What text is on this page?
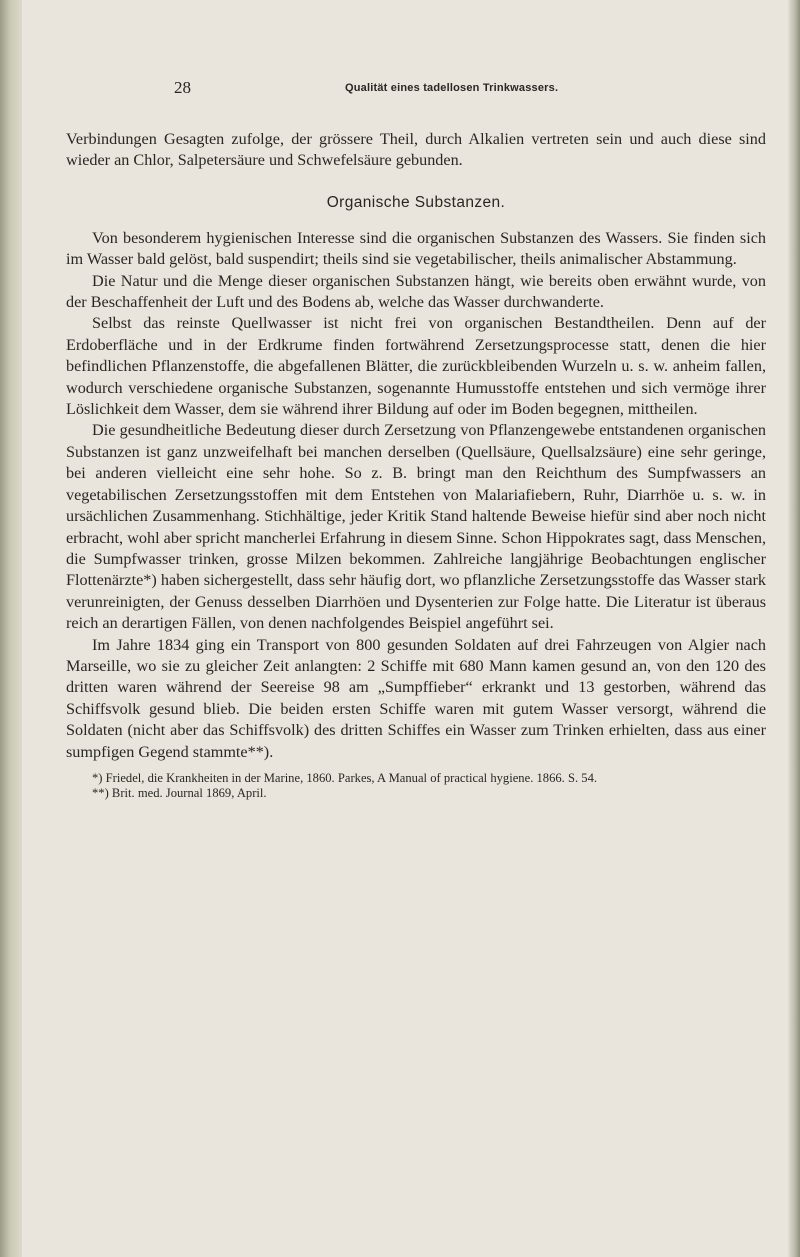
28	Qualität eines tadellosen Trinkwassers.

Verbindungen Gesagten zufolge, der grössere Theil, durch Alkalien vertreten sein und auch diese sind wieder an Chlor, Salpetersäure und Schwefelsäure gebunden.

Organische Substanzen.

Von besonderem hygienischen Interesse sind die organischen Substanzen des Wassers. Sie finden sich im Wasser bald gelöst, bald suspendirt; theils sind sie vegetabilischer, theils animalischer Abstammung.

Die Natur und die Menge dieser organischen Substanzen hängt, wie bereits oben erwähnt wurde, von der Beschaffenheit der Luft und des Bodens ab, welche das Wasser durchwanderte.

Selbst das reinste Quellwasser ist nicht frei von organischen Bestandtheilen. Denn auf der Erdoberfläche und in der Erdkrume finden fortwährend Zersetzungsprocesse statt, denen die hier befindlichen Pflanzenstoffe, die abgefallenen Blätter, die zurückbleibenden Wurzeln u. s. w. anheim fallen, wodurch verschiedene organische Substanzen, sogenannte Humusstoffe entstehen und sich vermöge ihrer Löslichkeit dem Wasser, dem sie während ihrer Bildung auf oder im Boden begegnen, mittheilen.

Die gesundheitliche Bedeutung dieser durch Zersetzung von Pflanzengewebe entstandenen organischen Substanzen ist ganz unzweifelhaft bei manchen derselben (Quellsäure, Quellsalzsäure) eine sehr geringe, bei anderen vielleicht eine sehr hohe. So z. B. bringt man den Reichthum des Sumpfwassers an vegetabilischen Zersetzungsstoffen mit dem Entstehen von Malariafiebern, Ruhr, Diarrhöe u. s. w. in ursächlichen Zusammenhang. Stichhältige, jeder Kritik Stand haltende Beweise hiefür sind aber noch nicht erbracht, wohl aber spricht mancherlei Erfahrung in diesem Sinne. Schon Hippokrates sagt, dass Menschen, die Sumpfwasser trinken, grosse Milzen bekommen. Zahlreiche langjährige Beobachtungen englischer Flottenärzte*) haben sichergestellt, dass sehr häufig dort, wo pflanzliche Zersetzungsstoffe das Wasser stark verunreinigten, der Genuss desselben Diarrhöen und Dysenterien zur Folge hatte. Die Literatur ist überaus reich an derartigen Fällen, von denen nachfolgendes Beispiel angeführt sei.

Im Jahre 1834 ging ein Transport von 800 gesunden Soldaten auf drei Fahrzeugen von Algier nach Marseille, wo sie zu gleicher Zeit anlangten: 2 Schiffe mit 680 Mann kamen gesund an, von den 120 des dritten waren während der Seereise 98 am „Sumpffieber“ erkrankt und 13 gestorben, während das Schiffsvolk gesund blieb. Die beiden ersten Schiffe waren mit gutem Wasser versorgt, während die Soldaten (nicht aber das Schiffsvolk) des dritten Schiffes ein Wasser zum Trinken erhielten, dass aus einer sumpfigen Gegend stammte**).

*) Friedel, die Krankheiten in der Marine, 1860. Parkes, A Manual of practical hygiene. 1866. S. 54.

**) Brit. med. Journal 1869, April.
